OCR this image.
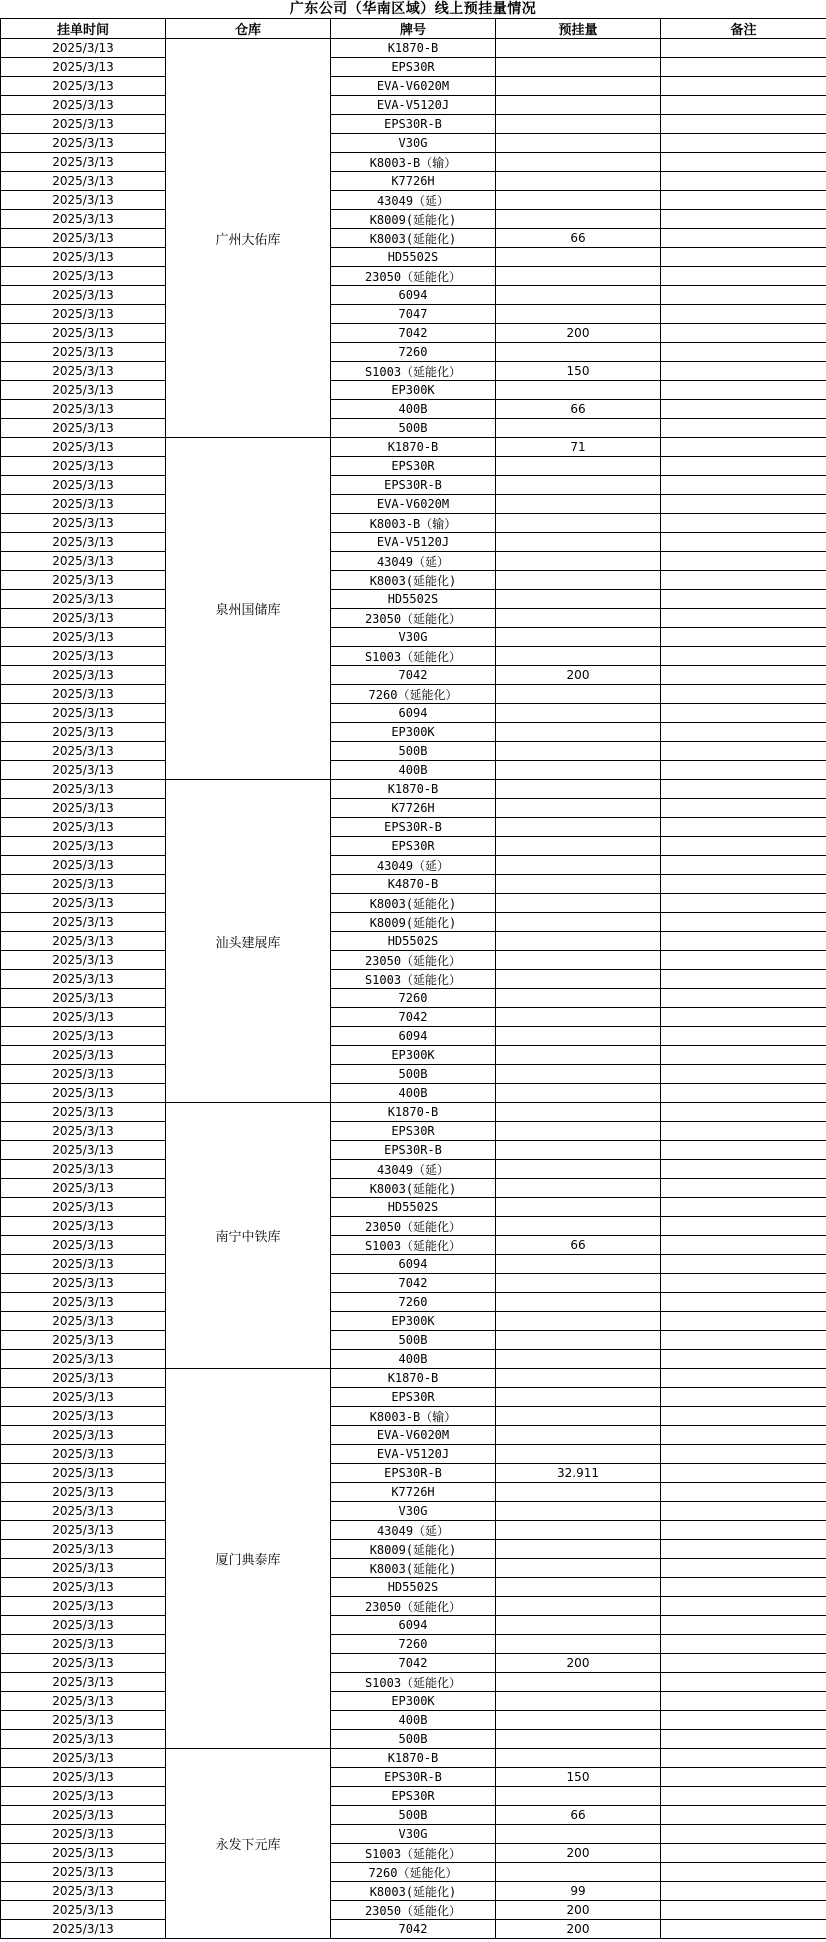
广东公司（华南区域）线上预挂量情况
挂单时间	仓库	牌号	预挂量	备注
2025/3/13	广州大佑库	K1870-B		
2025/3/13		EPS30R		
2025/3/13		EVA-V6020M		
2025/3/13		EVA-V5120J		
2025/3/13		EPS30R-B		
2025/3/13		V30G		
2025/3/13		K8003-B（输）		
2025/3/13		K7726H		
2025/3/13		43049（延）		
2025/3/13		K8009(延能化)		
2025/3/13		K8003(延能化)	66	
2025/3/13		HD5502S		
2025/3/13		23050（延能化）		
2025/3/13		6094		
2025/3/13		7047		
2025/3/13		7042	200	
2025/3/13		7260		
2025/3/13		S1003（延能化）	150	
2025/3/13		EP300K		
2025/3/13		400B	66	
2025/3/13		500B		
2025/3/13	泉州国储库	K1870-B	71	
2025/3/13		EPS30R		
2025/3/13		EPS30R-B		
2025/3/13		EVA-V6020M		
2025/3/13		K8003-B（输）		
2025/3/13		EVA-V5120J		
2025/3/13		43049（延）		
2025/3/13		K8003(延能化)		
2025/3/13		HD5502S		
2025/3/13		23050（延能化）		
2025/3/13		V30G		
2025/3/13		S1003（延能化）		
2025/3/13		7042	200	
2025/3/13		7260（延能化）		
2025/3/13		6094		
2025/3/13		EP300K		
2025/3/13		500B		
2025/3/13		400B		
2025/3/13	汕头建展库	K1870-B		
2025/3/13		K7726H		
2025/3/13		EPS30R-B		
2025/3/13		EPS30R		
2025/3/13		43049（延）		
2025/3/13		K4870-B		
2025/3/13		K8003(延能化)		
2025/3/13		K8009(延能化)		
2025/3/13		HD5502S		
2025/3/13		23050（延能化）		
2025/3/13		S1003（延能化）		
2025/3/13		7260		
2025/3/13		7042		
2025/3/13		6094		
2025/3/13		EP300K		
2025/3/13		500B		
2025/3/13		400B		
2025/3/13	南宁中铁库	K1870-B		
2025/3/13		EPS30R		
2025/3/13		EPS30R-B		
2025/3/13		43049（延）		
2025/3/13		K8003(延能化)		
2025/3/13		HD5502S		
2025/3/13		23050（延能化）		
2025/3/13		S1003（延能化）	66	
2025/3/13		6094		
2025/3/13		7042		
2025/3/13		7260		
2025/3/13		EP300K		
2025/3/13		500B		
2025/3/13		400B		
2025/3/13	厦门典泰库	K1870-B		
2025/3/13		EPS30R		
2025/3/13		K8003-B（输）		
2025/3/13		EVA-V6020M		
2025/3/13		EVA-V5120J		
2025/3/13		EPS30R-B	32.911	
2025/3/13		K7726H		
2025/3/13		V30G		
2025/3/13		43049（延）		
2025/3/13		K8009(延能化)		
2025/3/13		K8003(延能化)		
2025/3/13		HD5502S		
2025/3/13		23050（延能化）		
2025/3/13		6094		
2025/3/13		7260		
2025/3/13		7042	200	
2025/3/13		S1003（延能化）		
2025/3/13		EP300K		
2025/3/13		400B		
2025/3/13		500B		
2025/3/13	永发下元库	K1870-B		
2025/3/13		EPS30R-B	150	
2025/3/13		EPS30R		
2025/3/13		500B	66	
2025/3/13		V30G		
2025/3/13		S1003（延能化）	200	
2025/3/13		7260（延能化）		
2025/3/13		K8003(延能化)	99	
2025/3/13		23050（延能化）	200	
2025/3/13		7042	200	
